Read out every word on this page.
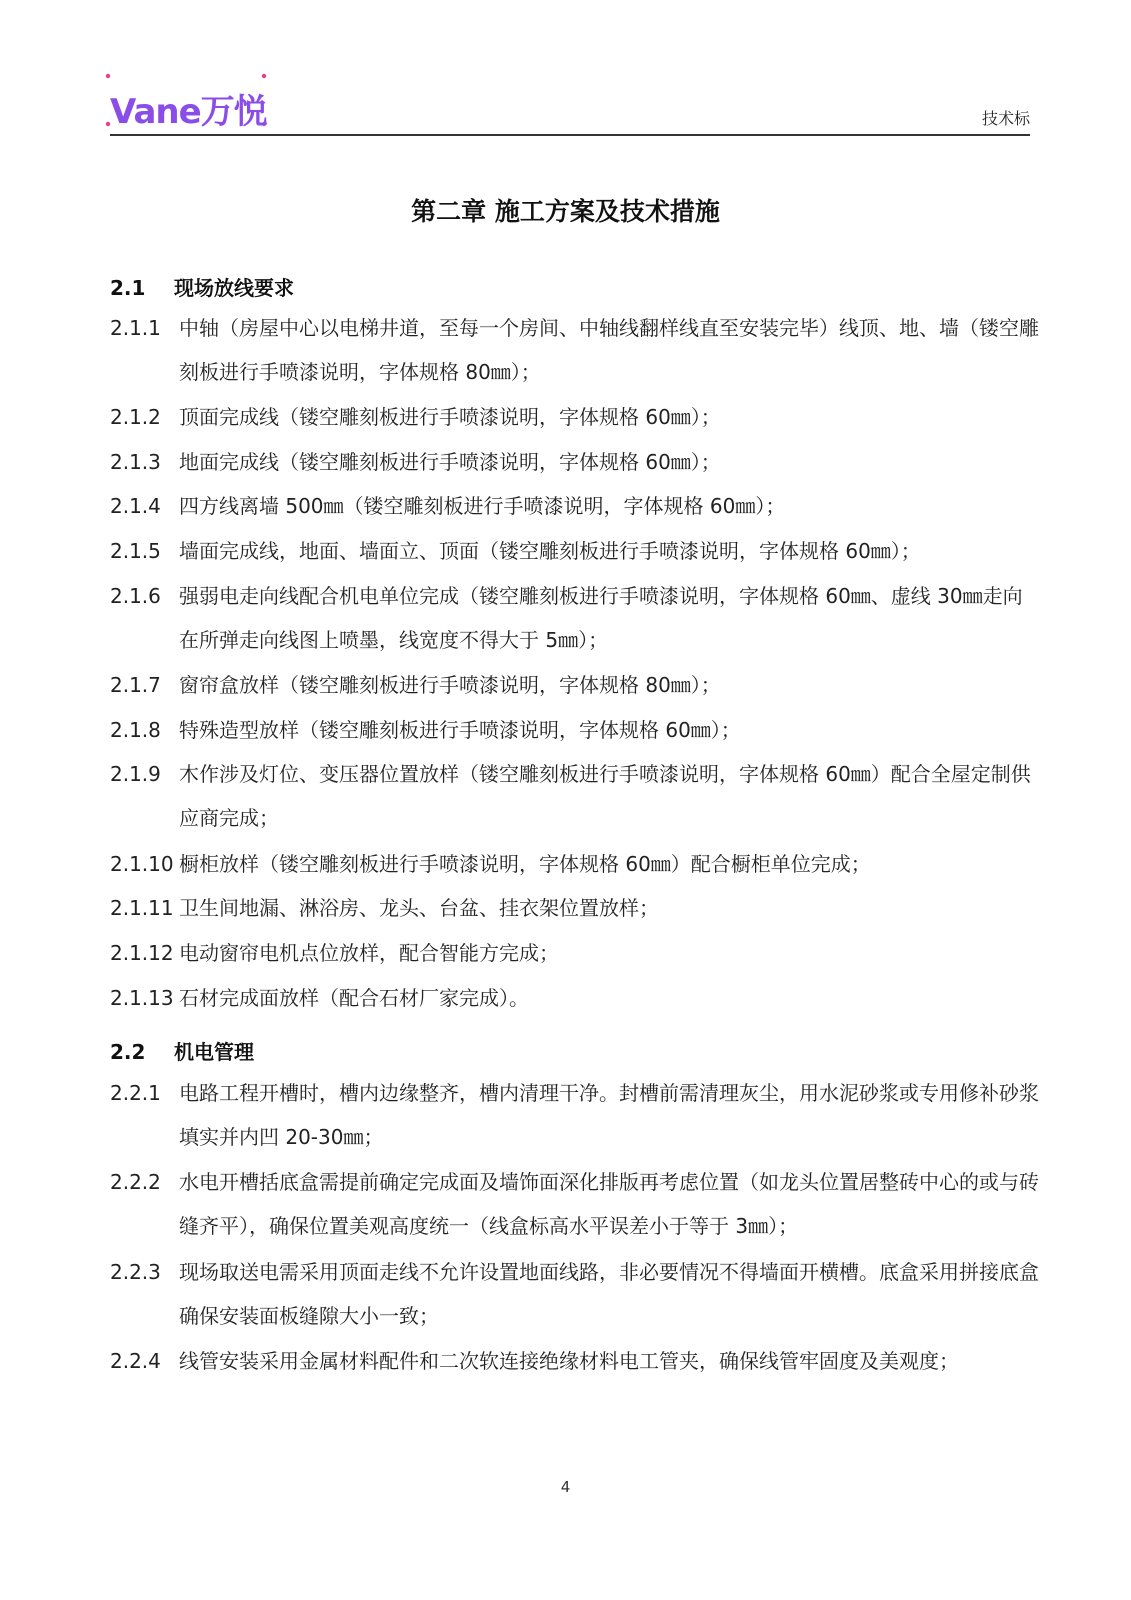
Vane万悦	技术标
第二章 施工方案及技术措施
2.1 现场放线要求
2.1.1 中轴（房屋中心以电梯井道，至每一个房间、中轴线翻样线直至安装完毕）线顶、地、墙（镂空雕刻板进行手喷漆说明，字体规格 80㎜）；
2.1.2 顶面完成线（镂空雕刻板进行手喷漆说明，字体规格 60㎜）；
2.1.3 地面完成线（镂空雕刻板进行手喷漆说明，字体规格 60㎜）；
2.1.4 四方线离墙 500㎜（镂空雕刻板进行手喷漆说明，字体规格 60㎜）；
2.1.5 墙面完成线，地面、墙面立、顶面（镂空雕刻板进行手喷漆说明，字体规格 60㎜）；
2.1.6 强弱电走向线配合机电单位完成（镂空雕刻板进行手喷漆说明，字体规格 60㎜、虚线 30㎜走向在所弹走向线图上喷墨，线宽度不得大于 5㎜）；
2.1.7 窗帘盒放样（镂空雕刻板进行手喷漆说明，字体规格 80㎜）；
2.1.8 特殊造型放样（镂空雕刻板进行手喷漆说明，字体规格 60㎜）；
2.1.9 木作涉及灯位、变压器位置放样（镂空雕刻板进行手喷漆说明，字体规格 60㎜）配合全屋定制供应商完成；
2.1.10 橱柜放样（镂空雕刻板进行手喷漆说明，字体规格 60㎜）配合橱柜单位完成；
2.1.11 卫生间地漏、淋浴房、龙头、台盆、挂衣架位置放样；
2.1.12 电动窗帘电机点位放样，配合智能方完成；
2.1.13 石材完成面放样（配合石材厂家完成）。
2.2 机电管理
2.2.1 电路工程开槽时，槽内边缘整齐，槽内清理干净。封槽前需清理灰尘，用水泥砂浆或专用修补砂浆填实并内凹 20-30㎜；
2.2.2 水电开槽括底盒需提前确定完成面及墙饰面深化排版再考虑位置（如龙头位置居整砖中心的或与砖缝齐平），确保位置美观高度统一（线盒标高水平误差小于等于 3㎜）；
2.2.3 现场取送电需采用顶面走线不允许设置地面线路，非必要情况不得墙面开横槽。底盒采用拼接底盒确保安装面板缝隙大小一致；
2.2.4 线管安装采用金属材料配件和二次软连接绝缘材料电工管夹，确保线管牢固度及美观度；
4
